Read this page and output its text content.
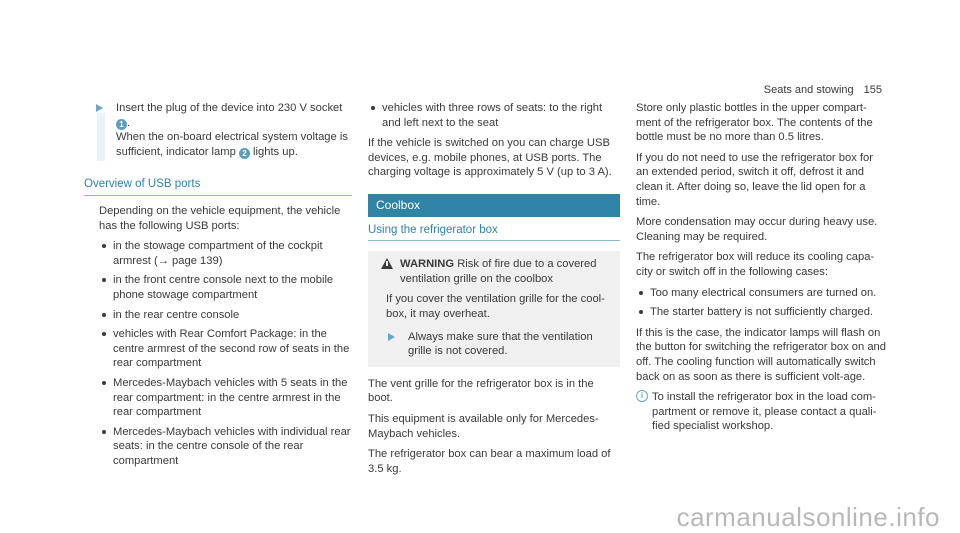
Seats and stowing 155
Insert the plug of the device into 230 V socket
1 .
When the on-board electrical system voltage is sufficient, indicator lamp 2 lights up.
Overview of USB ports

Depending on the vehicle equipment, the vehicle has the following USB ports:

in the stowage compartment of the cockpit armrest (→ page 139)
in the front centre console next to the mobile phone stowage compartment
in the rear centre console
vehicles with Rear Comfort Package: in the centre armrest of the second row of seats in the rear compartment
Mercedes-Maybach vehicles with 5 seats in the rear compartment: in the centre armrest in the rear compartment
Mercedes-Maybach vehicles with individual rear seats: in the centre console of the rear compartment
vehicles with three rows of seats: to the right and left next to the seat

If the vehicle is switched on you can charge USB devices, e.g. mobile phones, at USB ports. The charging voltage is approximately 5 V (up to 3 A).

Coolbox
Using the refrigerator box
WARNING Risk of fire due to a covered ventilation grille on the coolbox
If you cover the ventilation grille for the cool-box, it may overheat.
Always make sure that the ventilation grille is not covered.

The vent grille for the refrigerator box is in the boot.

This equipment is available only for Mercedes-Maybach vehicles.

The refrigerator box can bear a maximum load of 3.5 kg.

Store only plastic bottles in the upper compart-ment of the refrigerator box. The contents of the bottle must be no more than 0.5 litres.

If you do not need to use the refrigerator box for an extended period, switch it off, defrost it and clean it. After doing so, leave the lid open for a time.

More condensation may occur during heavy use. Cleaning may be required.

The refrigerator box will reduce its cooling capa-city or switch off in the following cases:

Too many electrical consumers are turned on.
The starter battery is not sufficiently charged.

If this is the case, the indicator lamps will flash on the button for switching the refrigerator box on and off. The cooling function will automatically switch back on as soon as there is sufficient volt-age.

i To install the refrigerator box in the load com-partment or remove it, please contact a quali-fied specialist workshop.
carmanualsonline.info
